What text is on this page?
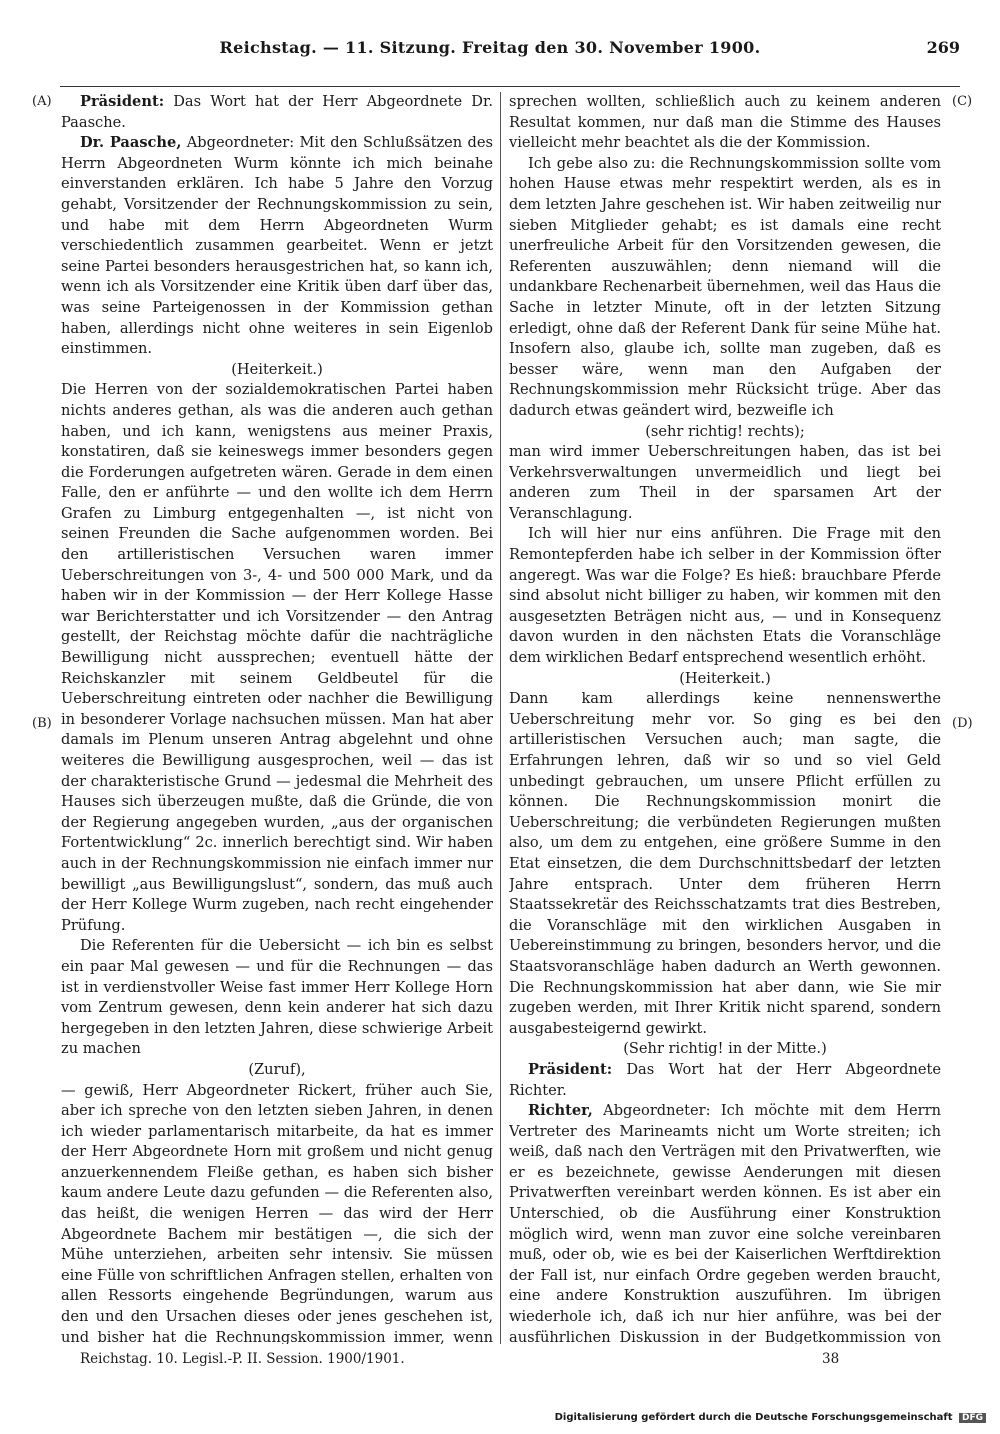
Reichstag. — 11. Sitzung. Freitag den 30. November 1900.	269
(A)
(B)
(C)
(D)

Präsident: Das Wort hat der Herr Abgeordnete Dr. Paasche.

Dr. Paasche, Abgeordneter: Mit den Schlußsätzen des Herrn Abgeordneten Wurm könnte ich mich beinahe einverstanden erklären. Ich habe 5 Jahre den Vorzug gehabt, Vorsitzender der Rechnungskommission zu sein, und habe mit dem Herrn Abgeordneten Wurm verschiedentlich zusammen gearbeitet. Wenn er jetzt seine Partei besonders herausgestrichen hat, so kann ich, wenn ich als Vorsitzender eine Kritik üben darf über das, was seine Parteigenossen in der Kommission gethan haben, allerdings nicht ohne weiteres in sein Eigenlob einstimmen.

(Heiterkeit.)

Die Herren von der sozialdemokratischen Partei haben nichts anderes gethan, als was die anderen auch gethan haben, und ich kann, wenigstens aus meiner Praxis, konstatiren, daß sie keineswegs immer besonders gegen die Forderungen aufgetreten wären. Gerade in dem einen Falle, den er anführte — und den wollte ich dem Herrn Grafen zu Limburg entgegenhalten —, ist nicht von seinen Freunden die Sache aufgenommen worden. Bei den artilleristischen Versuchen waren immer Ueberschreitungen von 3-, 4- und 500 000 Mark, und da haben wir in der Kommission — der Herr Kollege Hasse war Berichterstatter und ich Vorsitzender — den Antrag gestellt, der Reichstag möchte dafür die nachträgliche Bewilligung nicht aussprechen; eventuell hätte der Reichskanzler mit seinem Geldbeutel für die Ueberschreitung eintreten oder nachher die Bewilligung in besonderer Vorlage nachsuchen müssen. Man hat aber damals im Plenum unseren Antrag abgelehnt und ohne weiteres die Bewilligung ausgesprochen, weil — das ist der charakteristische Grund — jedesmal die Mehrheit des Hauses sich überzeugen mußte, daß die Gründe, die von der Regierung angegeben wurden, „aus der organischen Fortentwicklung“ 2c. innerlich berechtigt sind. Wir haben auch in der Rechnungskommission nie einfach immer nur bewilligt „aus Bewilligungslust“, sondern, das muß auch der Herr Kollege Wurm zugeben, nach recht eingehender Prüfung.

Die Referenten für die Uebersicht — ich bin es selbst ein paar Mal gewesen — und für die Rechnungen — das ist in verdienstvoller Weise fast immer Herr Kollege Horn vom Zentrum gewesen, denn kein anderer hat sich dazu hergegeben in den letzten Jahren, diese schwierige Arbeit zu machen

(Zuruf),

— gewiß, Herr Abgeordneter Rickert, früher auch Sie, aber ich spreche von den letzten sieben Jahren, in denen ich wieder parlamentarisch mitarbeite, da hat es immer der Herr Abgeordnete Horn mit großem und nicht genug anzuerkennendem Fleiße gethan, es haben sich bisher kaum andere Leute dazu gefunden — die Referenten also, das heißt, die wenigen Herren — das wird der Herr Abgeordnete Bachem mir bestätigen —, die sich der Mühe unterziehen, arbeiten sehr intensiv. Sie müssen eine Fülle von schriftlichen Anfragen stellen, erhalten von allen Ressorts eingehende Begründungen, warum aus den und den Ursachen dieses oder jenes geschehen ist, und bisher hat die Rechnungskommission immer, wenn

sprechen wollten, schließlich auch zu keinem anderen Resultat kommen, nur daß man die Stimme des Hauses vielleicht mehr beachtet als die der Kommission.

Ich gebe also zu: die Rechnungskommission sollte vom hohen Hause etwas mehr respektirt werden, als es in dem letzten Jahre geschehen ist. Wir haben zeitweilig nur sieben Mitglieder gehabt; es ist damals eine recht unerfreuliche Arbeit für den Vorsitzenden gewesen, die Referenten auszuwählen; denn niemand will die undankbare Rechenarbeit übernehmen, weil das Haus die Sache in letzter Minute, oft in der letzten Sitzung erledigt, ohne daß der Referent Dank für seine Mühe hat. Insofern also, glaube ich, sollte man zugeben, daß es besser wäre, wenn man den Aufgaben der Rechnungskommission mehr Rücksicht trüge. Aber das dadurch etwas geändert wird, bezweifle ich

(sehr richtig! rechts);

man wird immer Ueberschreitungen haben, das ist bei Verkehrsverwaltungen unvermeidlich und liegt bei anderen zum Theil in der sparsamen Art der Veranschlagung.

Ich will hier nur eins anführen. Die Frage mit den Remontepferden habe ich selber in der Kommission öfter angeregt. Was war die Folge? Es hieß: brauchbare Pferde sind absolut nicht billiger zu haben, wir kommen mit den ausgesetzten Beträgen nicht aus, — und in Konsequenz davon wurden in den nächsten Etats die Voranschläge dem wirklichen Bedarf entsprechend wesentlich erhöht.

(Heiterkeit.)

Dann kam allerdings keine nennenswerthe Ueberschreitung mehr vor. So ging es bei den artilleristischen Versuchen auch; man sagte, die Erfahrungen lehren, daß wir so und so viel Geld unbedingt gebrauchen, um unsere Pflicht erfüllen zu können. Die Rechnungskommission monirt die Ueberschreitung; die verbündeten Regierungen mußten also, um dem zu entgehen, eine größere Summe in den Etat einsetzen, die dem Durchschnittsbedarf der letzten Jahre entsprach. Unter dem früheren Herrn Staatssekretär des Reichsschatzamts trat dies Bestreben, die Voranschläge mit den wirklichen Ausgaben in Uebereinstimmung zu bringen, besonders hervor, und die Staatsvoranschläge haben dadurch an Werth gewonnen. Die Rechnungskommission hat aber dann, wie Sie mir zugeben werden, mit Ihrer Kritik nicht sparend, sondern ausgabesteigernd gewirkt.

(Sehr richtig! in der Mitte.)

Präsident: Das Wort hat der Herr Abgeordnete Richter.

Richter, Abgeordneter: Ich möchte mit dem Herrn Vertreter des Marineamts nicht um Worte streiten; ich weiß, daß nach den Verträgen mit den Privatwerften, wie er es bezeichnete, gewisse Aenderungen mit diesen Privatwerften vereinbart werden können. Es ist aber ein Unterschied, ob die Ausführung einer Konstruktion möglich wird, wenn man zuvor eine solche vereinbaren muß, oder ob, wie es bei der Kaiserlichen Werftdirektion der Fall ist, nur einfach Ordre gegeben werden braucht, eine andere Konstruktion auszuführen. Im übrigen wiederhole ich, daß ich nur hier anführe, was bei der ausführlichen Diskussion in der Budgetkommission von

Reichstag. 10. Legisl.-P. II. Session. 1900/1901.	38
Digitalisierung gefördert durch die Deutsche Forschungsgemeinschaft DFG
